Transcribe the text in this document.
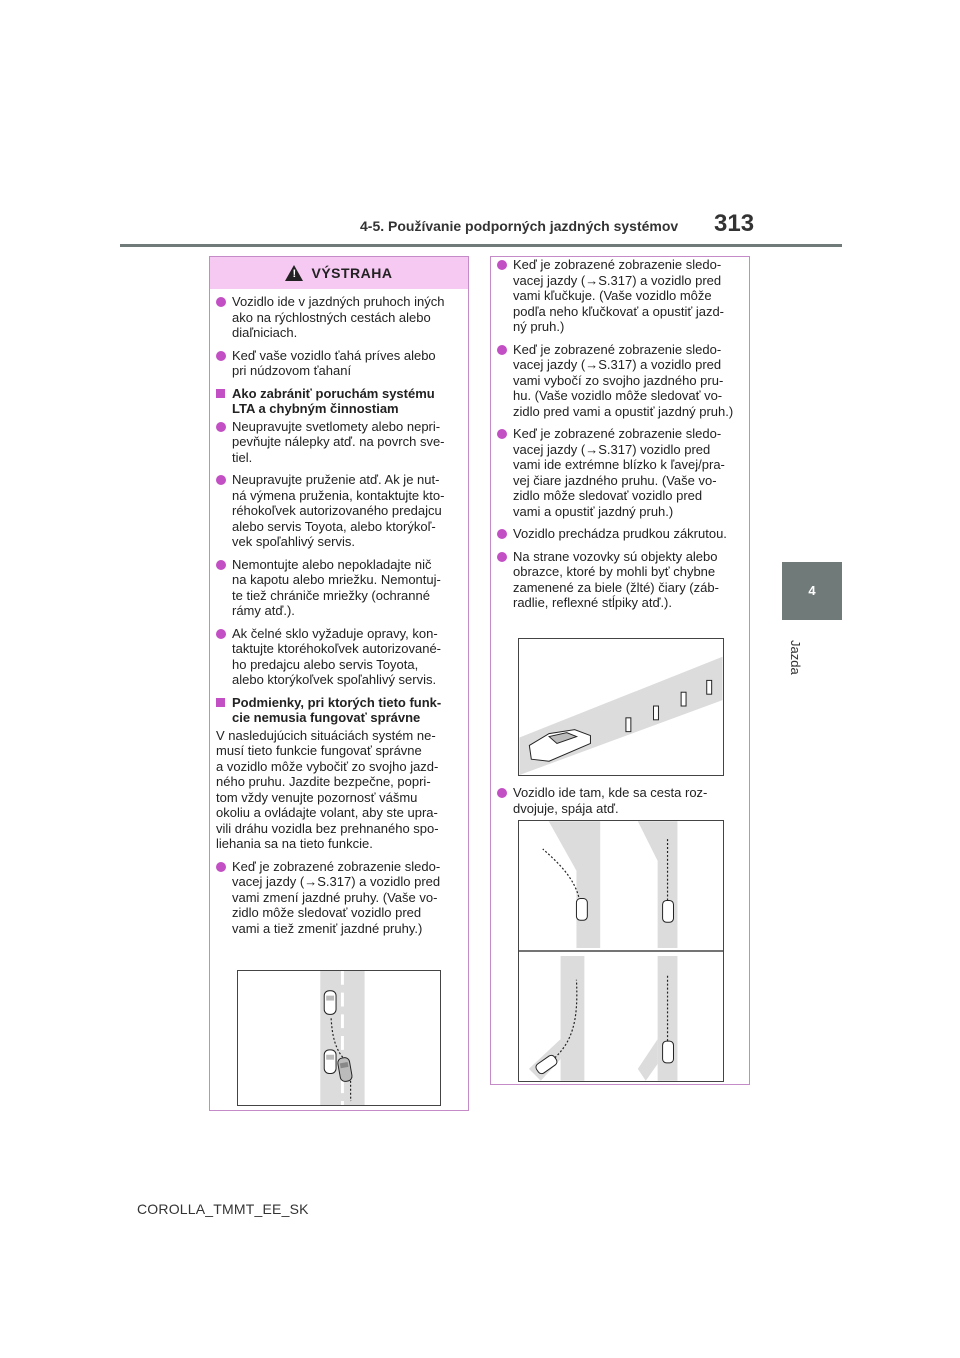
4-5. Používanie podporných jazdných systémov 313
4
Jazda
COROLLA_TMMT_EE_SK
!
VÝSTRAHA
Vozidlo ide v jazdných pruhoch iných
ako na rýchlostných cestách alebo
diaľniciach.
Keď vaše vozidlo ťahá príves alebo
pri núdzovom ťahaní
Ako zabrániť poruchám systému
LTA a chybným činnostiam
Neupravujte svetlomety alebo nepri-
pevňujte nálepky atď. na povrch sve-
tiel.
Neupravujte pruženie atď. Ak je nut-
ná výmena pruženia, kontaktujte kto-
réhokoľvek autorizovaného predajcu
alebo servis Toyota, alebo ktorýkoľ-
vek spoľahlivý servis.
Nemontujte alebo nepokladajte nič
na kapotu alebo mriežku. Nemontuj-
te tiež chrániče mriežky (ochranné
rámy atď.).
Ak čelné sklo vyžaduje opravy, kon-
taktujte ktoréhokoľvek autorizované-
ho predajcu alebo servis Toyota,
alebo ktorýkoľvek spoľahlivý servis.
Podmienky, pri ktorých tieto funk-
cie nemusia fungovať správne
V nasledujúcich situáciách systém ne-
musí tieto funkcie fungovať správne
a vozidlo môže vybočiť zo svojho jazd-
ného pruhu. Jazdite bezpečne, popri-
tom vždy venujte pozornosť vášmu
okoliu a ovládajte volant, aby ste upra-
vili dráhu vozidla bez prehnaného spo-
liehania sa na tieto funkcie.
Keď je zobrazené zobrazenie sledo-
vacej jazdy (→S.317) a vozidlo pred
vami zmení jazdné pruhy. (Vaše vo-
zidlo môže sledovať vozidlo pred
vami a tiež zmeniť jazdné pruhy.)
Keď je zobrazené zobrazenie sledo-
vacej jazdy (→S.317) a vozidlo pred
vami kľučkuje. (Vaše vozidlo môže
podľa neho kľučkovať a opustiť jazd-
ný pruh.)
Keď je zobrazené zobrazenie sledo-
vacej jazdy (→S.317) a vozidlo pred
vami vybočí zo svojho jazdného pru-
hu. (Vaše vozidlo môže sledovať vo-
zidlo pred vami a opustiť jazdný pruh.)
Keď je zobrazené zobrazenie sledo-
vacej jazdy (→S.317) vozidlo pred
vami ide extrémne blízko k ľavej/pra-
vej čiare jazdného pruhu. (Vaše vo-
zidlo môže sledovať vozidlo pred
vami a opustiť jazdný pruh.)
Vozidlo prechádza prudkou zákrutou.
Na strane vozovky sú objekty alebo
obrazce, ktoré by mohli byť chybne
zamenené za biele (žlté) čiary (záb-
radlie, reflexné stĺpiky atď.).
Vozidlo ide tam, kde sa cesta roz-
dvojuje, spája atď.
